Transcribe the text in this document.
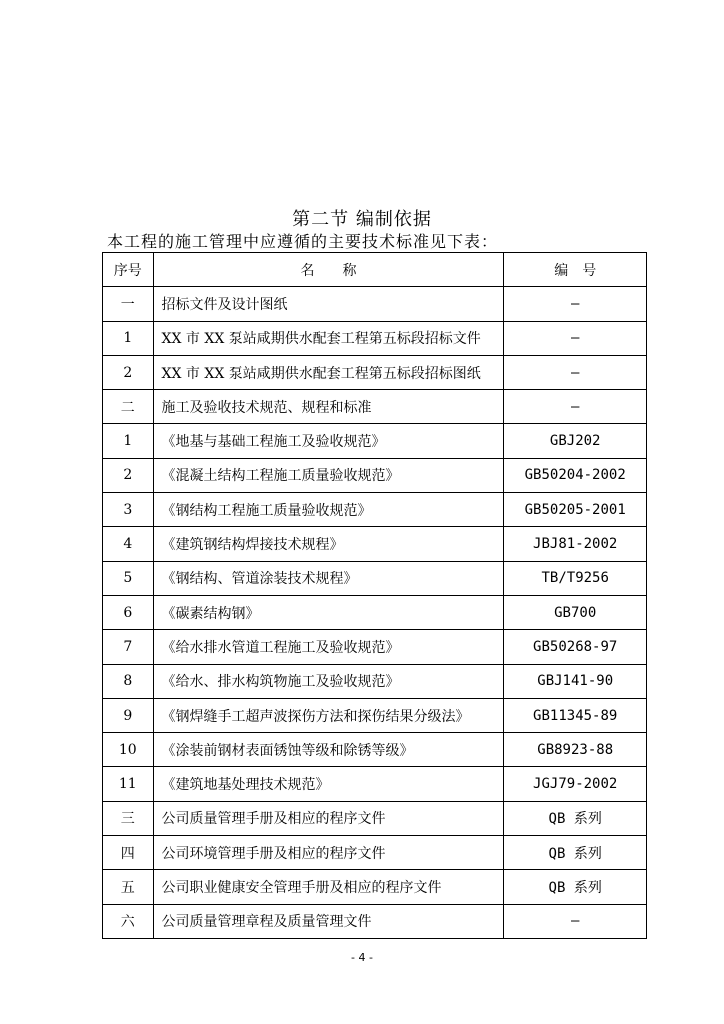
第二节 编制依据
本工程的施工管理中应遵循的主要技术标准见下表：
序号	名　　称	编　号
一	招标文件及设计图纸	—
1	XX 市 XX 泵站咸期供水配套工程第五标段招标文件	—
2	XX 市 XX 泵站咸期供水配套工程第五标段招标图纸	—
二	施工及验收技术规范、规程和标准	—
1	《地基与基础工程施工及验收规范》	GBJ202
2	《混凝土结构工程施工质量验收规范》	GB50204-2002
3	《钢结构工程施工质量验收规范》	GB50205-2001
4	《建筑钢结构焊接技术规程》	JBJ81-2002
5	《钢结构、管道涂装技术规程》	TB/T9256
6	《碳素结构钢》	GB700
7	《给水排水管道工程施工及验收规范》	GB50268-97
8	《给水、排水构筑物施工及验收规范》	GBJ141-90
9	《钢焊缝手工超声波探伤方法和探伤结果分级法》	GB11345-89
10	《涂装前钢材表面锈蚀等级和除锈等级》	GB8923-88
11	《建筑地基处理技术规范》	JGJ79-2002
三	公司质量管理手册及相应的程序文件	QB 系列
四	公司环境管理手册及相应的程序文件	QB 系列
五	公司职业健康安全管理手册及相应的程序文件	QB 系列
六	公司质量管理章程及质量管理文件	—
- 4 -
